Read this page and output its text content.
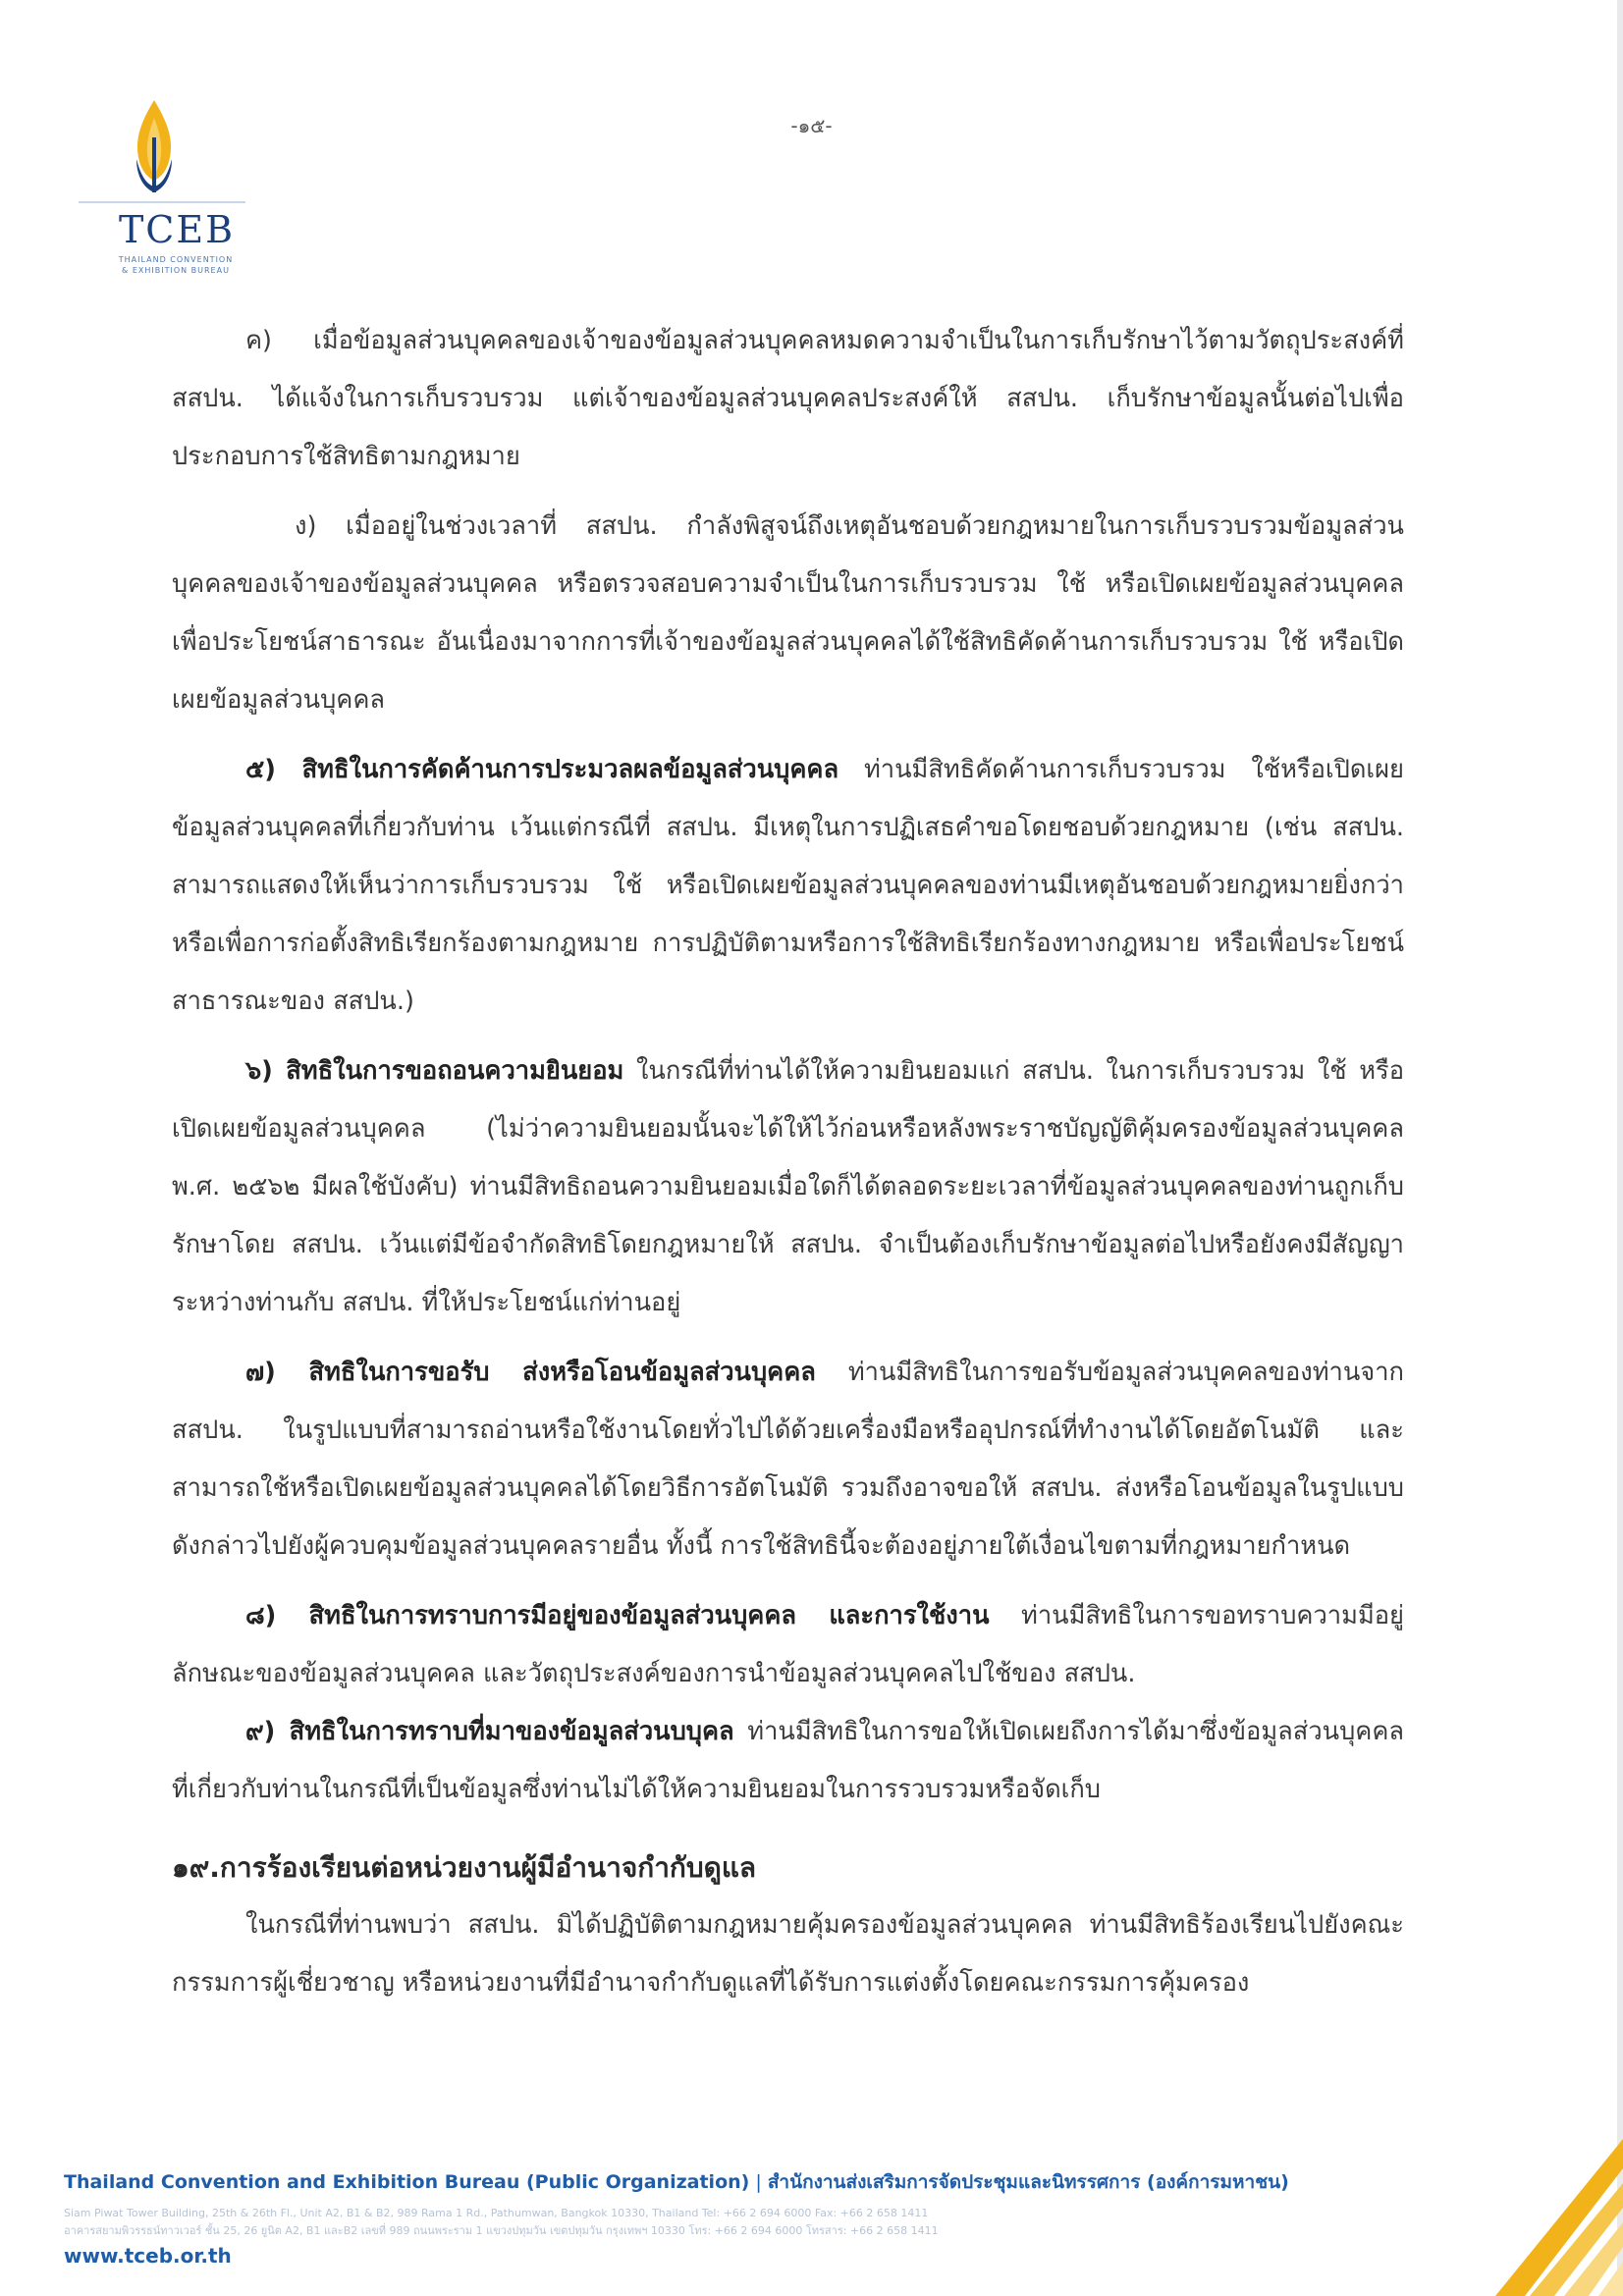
TCEB
THAILAND CONVENTION
& EXHIBITION BUREAU
-๑๕-

ค) เมื่อข้อมูลส่วนบุคคลของเจ้าของข้อมูลส่วนบุคคลหมดความจำเป็นในการเก็บรักษาไว้ตามวัตถุประสงค์ที่ สสปน. ได้แจ้งในการเก็บรวบรวม แต่เจ้าของข้อมูลส่วนบุคคลประสงค์ให้ สสปน. เก็บรักษาข้อมูลนั้นต่อไปเพื่อประกอบการใช้สิทธิตามกฎหมาย

ง) เมื่ออยู่ในช่วงเวลาที่ สสปน. กำลังพิสูจน์ถึงเหตุอันชอบด้วยกฎหมายในการเก็บรวบรวมข้อมูลส่วนบุคคลของเจ้าของข้อมูลส่วนบุคคล หรือตรวจสอบความจำเป็นในการเก็บรวบรวม ใช้ หรือเปิดเผยข้อมูลส่วนบุคคลเพื่อประโยชน์สาธารณะ อันเนื่องมาจากการที่เจ้าของข้อมูลส่วนบุคคลได้ใช้สิทธิคัดค้านการเก็บรวบรวม ใช้ หรือเปิดเผยข้อมูลส่วนบุคคล

๕) สิทธิในการคัดค้านการประมวลผลข้อมูลส่วนบุคคล ท่านมีสิทธิคัดค้านการเก็บรวบรวม ใช้หรือเปิดเผยข้อมูลส่วนบุคคลที่เกี่ยวกับท่าน เว้นแต่กรณีที่ สสปน. มีเหตุในการปฏิเสธคำขอโดยชอบด้วยกฎหมาย (เช่น สสปน. สามารถแสดงให้เห็นว่าการเก็บรวบรวม ใช้ หรือเปิดเผยข้อมูลส่วนบุคคลของท่านมีเหตุอันชอบด้วยกฎหมายยิ่งกว่า หรือเพื่อการก่อตั้งสิทธิเรียกร้องตามกฎหมาย การปฏิบัติตามหรือการใช้สิทธิเรียกร้องทางกฎหมาย หรือเพื่อประโยชน์สาธารณะของ สสปน.)

๖) สิทธิในการขอถอนความยินยอม ในกรณีที่ท่านได้ให้ความยินยอมแก่ สสปน. ในการเก็บรวบรวม ใช้ หรือเปิดเผยข้อมูลส่วนบุคคล (ไม่ว่าความยินยอมนั้นจะได้ให้ไว้ก่อนหรือหลังพระราชบัญญัติคุ้มครองข้อมูลส่วนบุคคล พ.ศ. ๒๕๖๒ มีผลใช้บังคับ) ท่านมีสิทธิถอนความยินยอมเมื่อใดก็ได้ตลอดระยะเวลาที่ข้อมูลส่วนบุคคลของท่านถูกเก็บรักษาโดย สสปน. เว้นแต่มีข้อจำกัดสิทธิโดยกฎหมายให้ สสปน. จำเป็นต้องเก็บรักษาข้อมูลต่อไปหรือยังคงมีสัญญาระหว่างท่านกับ สสปน. ที่ให้ประโยชน์แก่ท่านอยู่

๗) สิทธิในการขอรับ ส่งหรือโอนข้อมูลส่วนบุคคล ท่านมีสิทธิในการขอรับข้อมูลส่วนบุคคลของท่านจาก สสปน. ในรูปแบบที่สามารถอ่านหรือใช้งานโดยทั่วไปได้ด้วยเครื่องมือหรืออุปกรณ์ที่ทำงานได้โดยอัตโนมัติ และสามารถใช้หรือเปิดเผยข้อมูลส่วนบุคคลได้โดยวิธีการอัตโนมัติ รวมถึงอาจขอให้ สสปน. ส่งหรือโอนข้อมูลในรูปแบบดังกล่าวไปยังผู้ควบคุมข้อมูลส่วนบุคคลรายอื่น ทั้งนี้ การใช้สิทธินี้จะต้องอยู่ภายใต้เงื่อนไขตามที่กฎหมายกำหนด

๘) สิทธิในการทราบการมีอยู่ของข้อมูลส่วนบุคคล และการใช้งาน ท่านมีสิทธิในการขอทราบความมีอยู่ ลักษณะของข้อมูลส่วนบุคคล และวัตถุประสงค์ของการนำข้อมูลส่วนบุคคลไปใช้ของ สสปน.

๙) สิทธิในการทราบที่มาของข้อมูลส่วนบบุคล ท่านมีสิทธิในการขอให้เปิดเผยถึงการได้มาซึ่งข้อมูลส่วนบุคคลที่เกี่ยวกับท่านในกรณีที่เป็นข้อมูลซึ่งท่านไม่ได้ให้ความยินยอมในการรวบรวมหรือจัดเก็บ

๑๙.การร้องเรียนต่อหน่วยงานผู้มีอำนาจกำกับดูแล

ในกรณีที่ท่านพบว่า สสปน. มิได้ปฏิบัติตามกฎหมายคุ้มครองข้อมูลส่วนบุคคล ท่านมีสิทธิร้องเรียนไปยังคณะกรรมการผู้เชี่ยวชาญ หรือหน่วยงานที่มีอำนาจกำกับดูแลที่ได้รับการแต่งตั้งโดยคณะกรรมการคุ้มครอง

Thailand Convention and Exhibition Bureau (Public Organization) | สำนักงานส่งเสริมการจัดประชุมและนิทรรศการ (องค์การมหาชน)
Siam Piwat Tower Building, 25th & 26th Fl., Unit A2, B1 & B2, 989 Rama 1 Rd., Pathumwan, Bangkok 10330, Thailand Tel: +66 2 694 6000 Fax: +66 2 658 1411
อาคารสยามพิวรรธน์ทาวเวอร์ ชั้น 25, 26 ยูนิต A2, B1 และB2 เลขที่ 989 ถนนพระราม 1 แขวงปทุมวัน เขตปทุมวัน กรุงเทพฯ 10330 โทร: +66 2 694 6000 โทรสาร: +66 2 658 1411
www.tceb.or.th
